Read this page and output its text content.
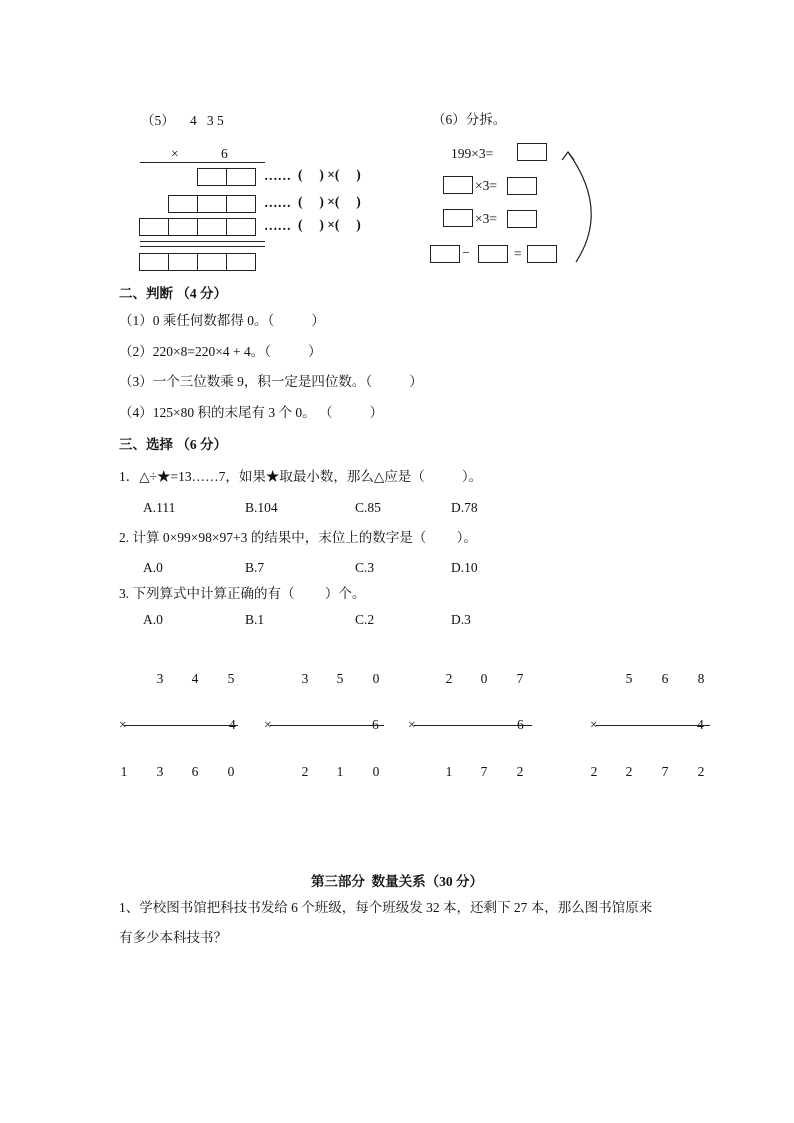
（5） 4   3 5
×	6
…… (     ) ×(     )
…… (     ) ×(     )
…… (     ) ×(     )
（6）分拆。
199×3=
×3=
×3=
−	=
二、判断 （4 分）
（1）0 乘任何数都得 0。（           ）
（2）220×8=220×4 + 4。（           ）
（3）一个三位数乘 9，积一定是四位数。（           ）
（4）125×80 积的末尾有 3 个 0。 （           ）
三、选择 （6 分）
1．△÷★=13……7，如果★取最小数，那么△应是（           ）。
A.111	B.104	C.85	D.78
2. 计算 0×99×98×97+3 的结果中，末位上的数字是（         ）。
A.0	B.7	C.3	D.10
3. 下列算式中计算正确的有（         ）个。
A.0	B.1	C.2	D.3
3 4 5
×	4
1 3 6 0
3 5 0
×	6
2 1 0
2 0 7
×	6
1 7 2
5 6 8
×	4
2 2 7 2
第三部分  数量关系（30 分）
1、学校图书馆把科技书发给 6 个班级，每个班级发 32 本，还剩下 27 本，那么图书馆原来
有多少本科技书？
